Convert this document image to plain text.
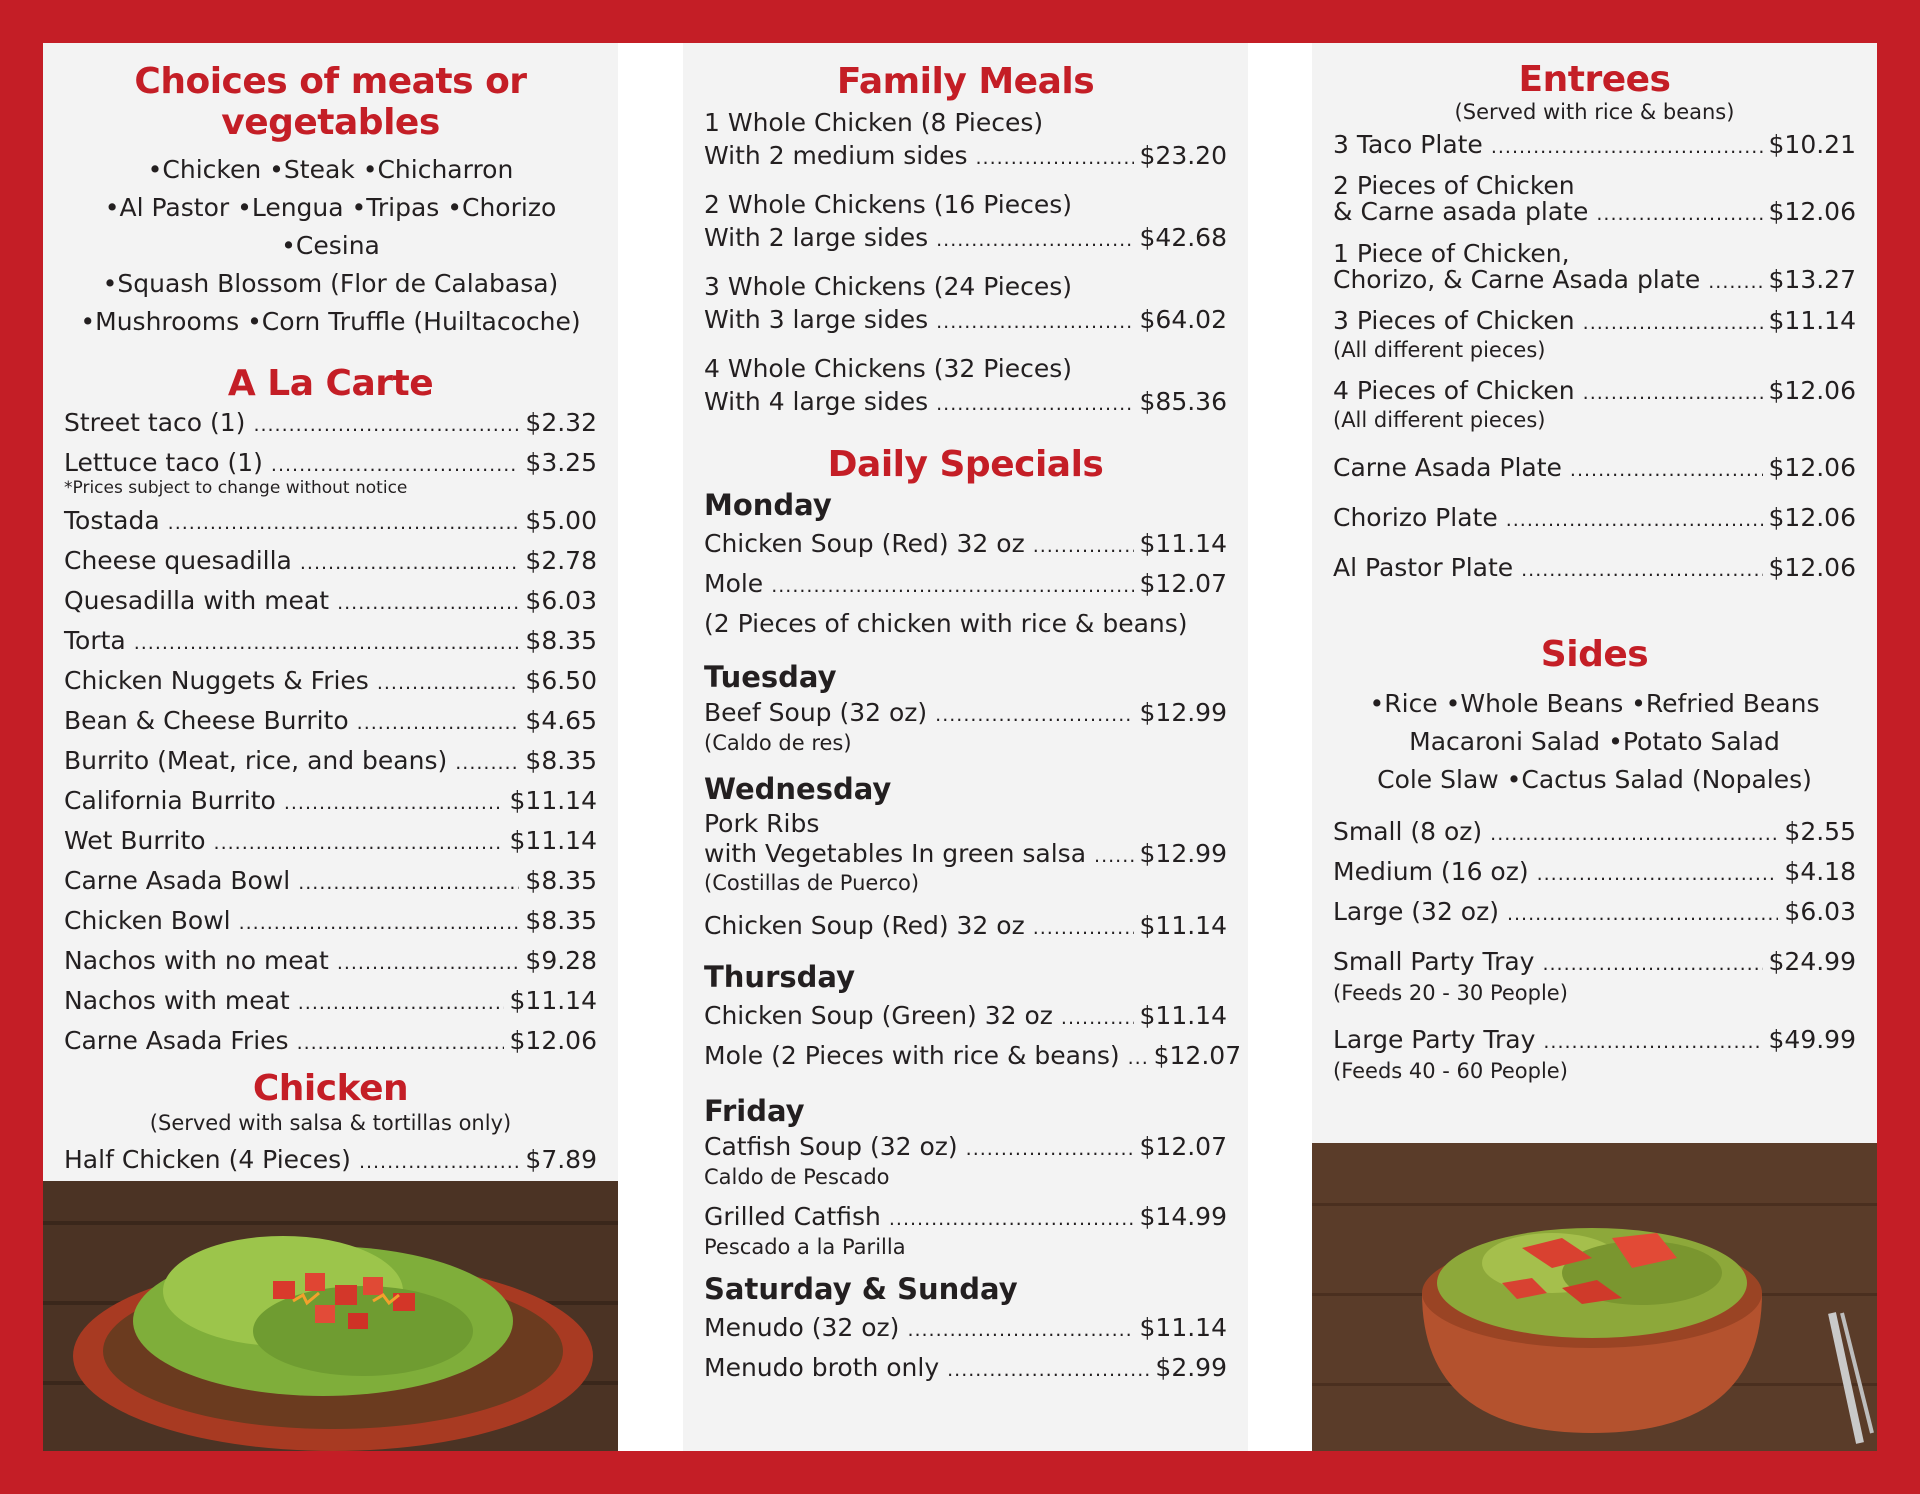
Choices of meats or vegetables
•Chicken •Steak •Chicharron
•Al Pastor •Lengua •Tripas •Chorizo •Cesina
•Squash Blossom (Flor de Calabasa)
•Mushrooms •Corn Truffle (Huiltacoche)
A La Carte
Street taco (1) .....	$2.32
Lettuce taco (1) .....	$3.25
*Prices subject to change without notice
Tostada .....	$5.00
Cheese quesadilla .....	$2.78
Quesadilla with meat .....	$6.03
Torta .....	$8.35
Chicken Nuggets & Fries .....	$6.50
Bean & Cheese Burrito .....	$4.65
Burrito (Meat, rice, and beans) .....	$8.35
California Burrito .....	$11.14
Wet Burrito .....	$11.14
Carne Asada Bowl .....	$8.35
Chicken Bowl .....	$8.35
Nachos with no meat .....	$9.28
Nachos with meat .....	$11.14
Carne Asada Fries .....	$12.06
Chicken
(Served with salsa & tortillas only)
Half Chicken (4 Pieces) .....	$7.89
.....
Family Meals
1 Whole Chicken (8 Pieces)
With 2 medium sides .....	$23.20
2 Whole Chickens (16 Pieces)
With 2 large sides .....	$42.68
3 Whole Chickens (24 Pieces)
With 3 large sides .....	$64.02
4 Whole Chickens (32 Pieces)
With 4 large sides .....	$85.36
Daily Specials
Monday
Chicken Soup (Red) 32 oz .....	$11.14
Mole .....	$12.07
(2 Pieces of chicken with rice & beans)
Tuesday
Beef Soup (32 oz) .....	$12.99
(Caldo de res)
Wednesday
Pork Ribs
with Vegetables In green salsa ..... $12.99
(Costillas de Puerco)
Chicken Soup (Red) 32 oz .....	$11.14
Thursday
Chicken Soup (Green) 32 oz .....	$11.14
Mole (2 Pieces with rice & beans) ..... $12.07
Friday
Catfish Soup (32 oz) .....	$12.07
Caldo de Pescado
Grilled Catfish .....	$14.99
Pescado a la Parilla
Saturday & Sunday
Menudo (32 oz) .....	$11.14
Menudo broth only .....	$2.99
Entrees
(Served with rice & beans)
3 Taco Plate .....	$10.21
2 Pieces of Chicken
& Carne asada plate .....	$12.06
1 Piece of Chicken,
Chorizo, & Carne Asada plate .....	$13.27
3 Pieces of Chicken .....	$11.14
(All different pieces)
4 Pieces of Chicken .....	$12.06
(All different pieces)
Carne Asada Plate .....	$12.06
Chorizo Plate .....	$12.06
Al Pastor Plate .....	$12.06
Sides
•Rice •Whole Beans •Refried Beans
Macaroni Salad •Potato Salad
Cole Slaw •Cactus Salad (Nopales)
Small (8 oz) .....	$2.55
Medium (16 oz) .....	$4.18
Large (32 oz) .....	$6.03
Small Party Tray .....	$24.99
(Feeds 20 - 30 People)
Large Party Tray .....	$49.99
(Feeds 40 - 60 People)
